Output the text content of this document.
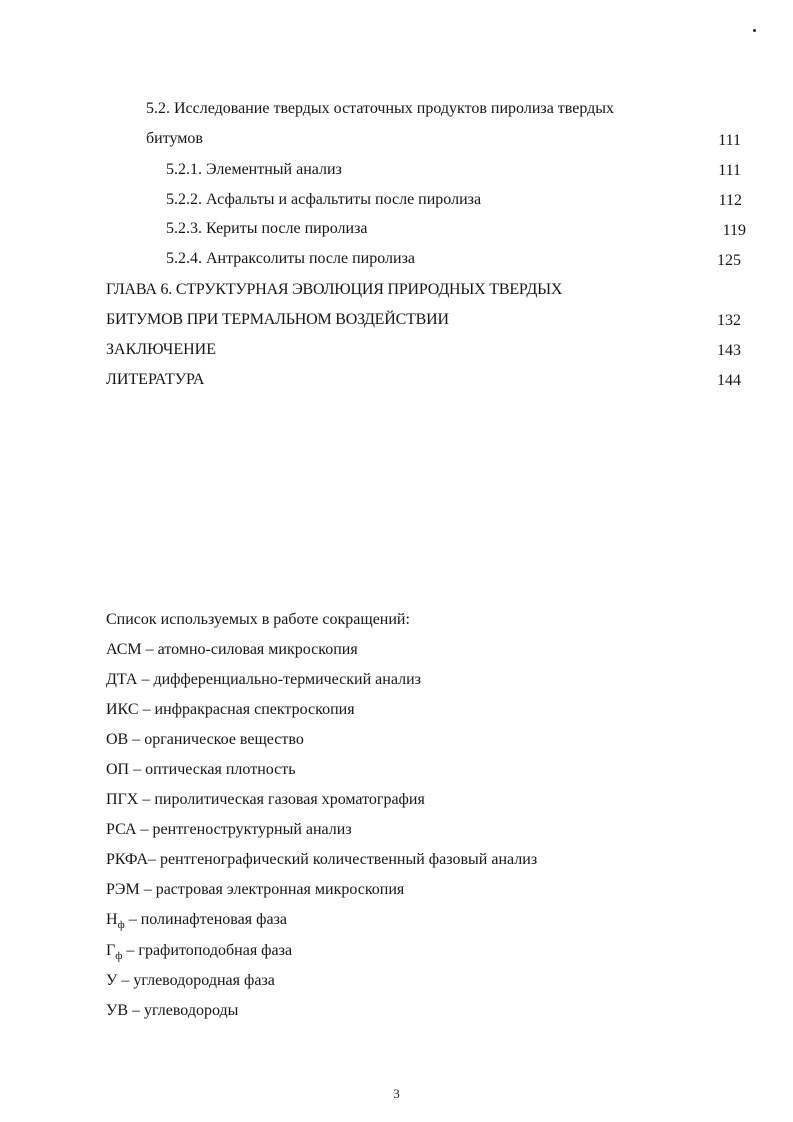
5.2. Исследование твердых остаточных продуктов пиролиза твердых
битумов	111
5.2.1. Элементный анализ	111
5.2.2. Асфальты и асфальтиты после пиролиза	112
5.2.3. Кериты после пиролиза	119
5.2.4. Антраксолиты после пиролиза	125
ГЛАВА 6. СТРУКТУРНАЯ ЭВОЛЮЦИЯ ПРИРОДНЫХ ТВЕРДЫХ
БИТУМОВ ПРИ ТЕРМАЛЬНОМ ВОЗДЕЙСТВИИ	132
ЗАКЛЮЧЕНИЕ	143
ЛИТЕРАТУРА	144
Список используемых в работе сокращений:
АСМ – атомно-силовая микроскопия
ДТА – дифференциально-термический анализ
ИКС – инфракрасная спектроскопия
ОВ – органическое вещество
ОП – оптическая плотность
ПГХ – пиролитическая газовая хроматография
РСА – рентгеноструктурный анализ
РКФА– рентгенографический количественный фазовый анализ
РЭМ – растровая электронная микроскопия
$Н_ф$ – полинафтеновая фаза
$Г_ф$ – графитоподобная фаза
У – углеводородная фаза
УВ – углеводороды
3
